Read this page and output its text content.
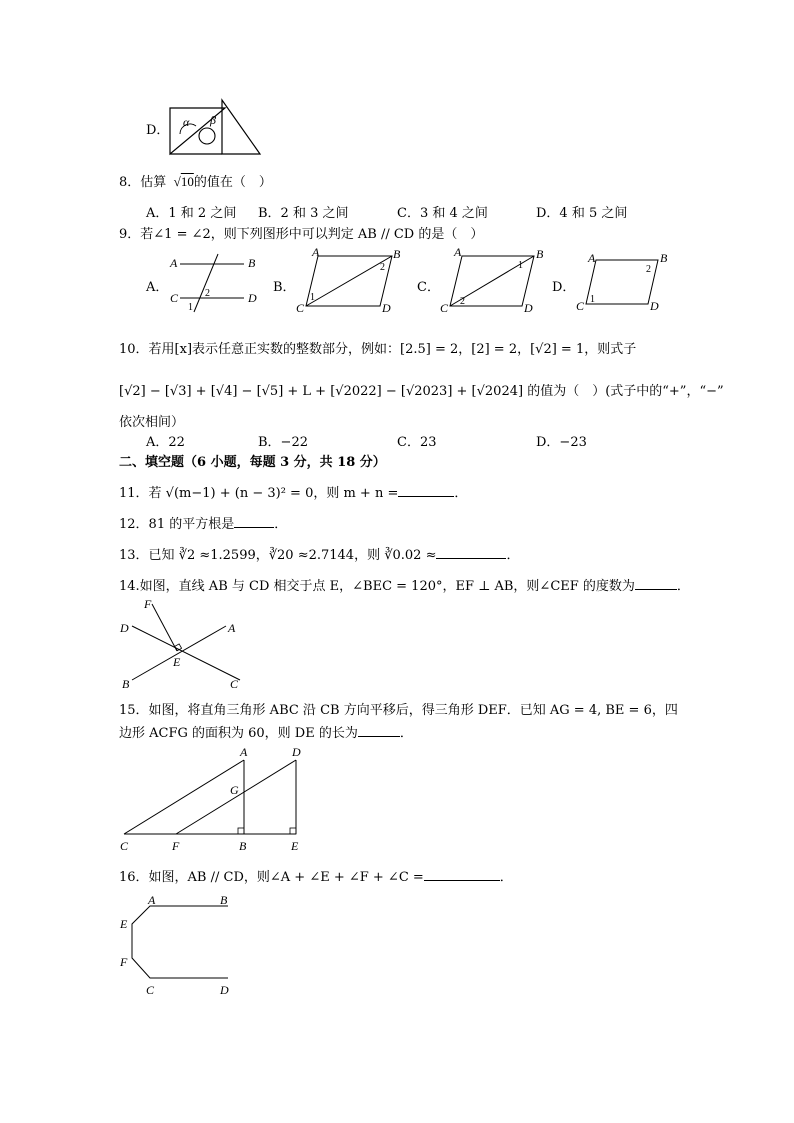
D．
α β
8．估算  √10的值在（　）
A．1 和 2 之间 B．2 和 3 之间	C．3 和 4 之间	D．4 和 5 之间
9．若∠1 = ∠2，则下列图形中可以判定 AB // CD 的是（　）
A．
A	B
C	D
2
1
B．
A	B
C	D
1
2
C．
A	B
C	D
1
2
D．
A	B
C	D
1
2
10．若用[x]表示任意正实数的整数部分，例如：[2.5] = 2，[2] = 2，[√2] = 1，则式子
[√2] − [√3] + [√4] − [√5] + L + [√2022] − [√2023] + [√2024] 的值为（　）(式子中的“+”，“−”
依次相间）
A．22	B．−22	C．23	D．−23
二、填空题（6 小题，每题 3 分，共 18 分）
11．若 √(m−1) + (n − 3)² = 0，则 m + n =	．
12．81 的平方根是	．
13．已知 ∛2 ≈1.2599，∛20 ≈2.7144，则 ∛0.02 ≈	．
14.如图，直线 AB 与 CD 相交于点 E，∠BEC = 120°，EF ⊥ AB，则∠CEF 的度数为	．
F
D	A
E
B	C
15．如图，将直角三角形 ABC 沿 CB 方向平移后，得三角形 DEF．已知 AG = 4, BE = 6，四
边形 ACFG 的面积为 60，则 DE 的长为	．
A	D
G
C	F	B	E
16．如图，AB // CD，则∠A + ∠E + ∠F + ∠C =	．
A	B
E
F
C	D
